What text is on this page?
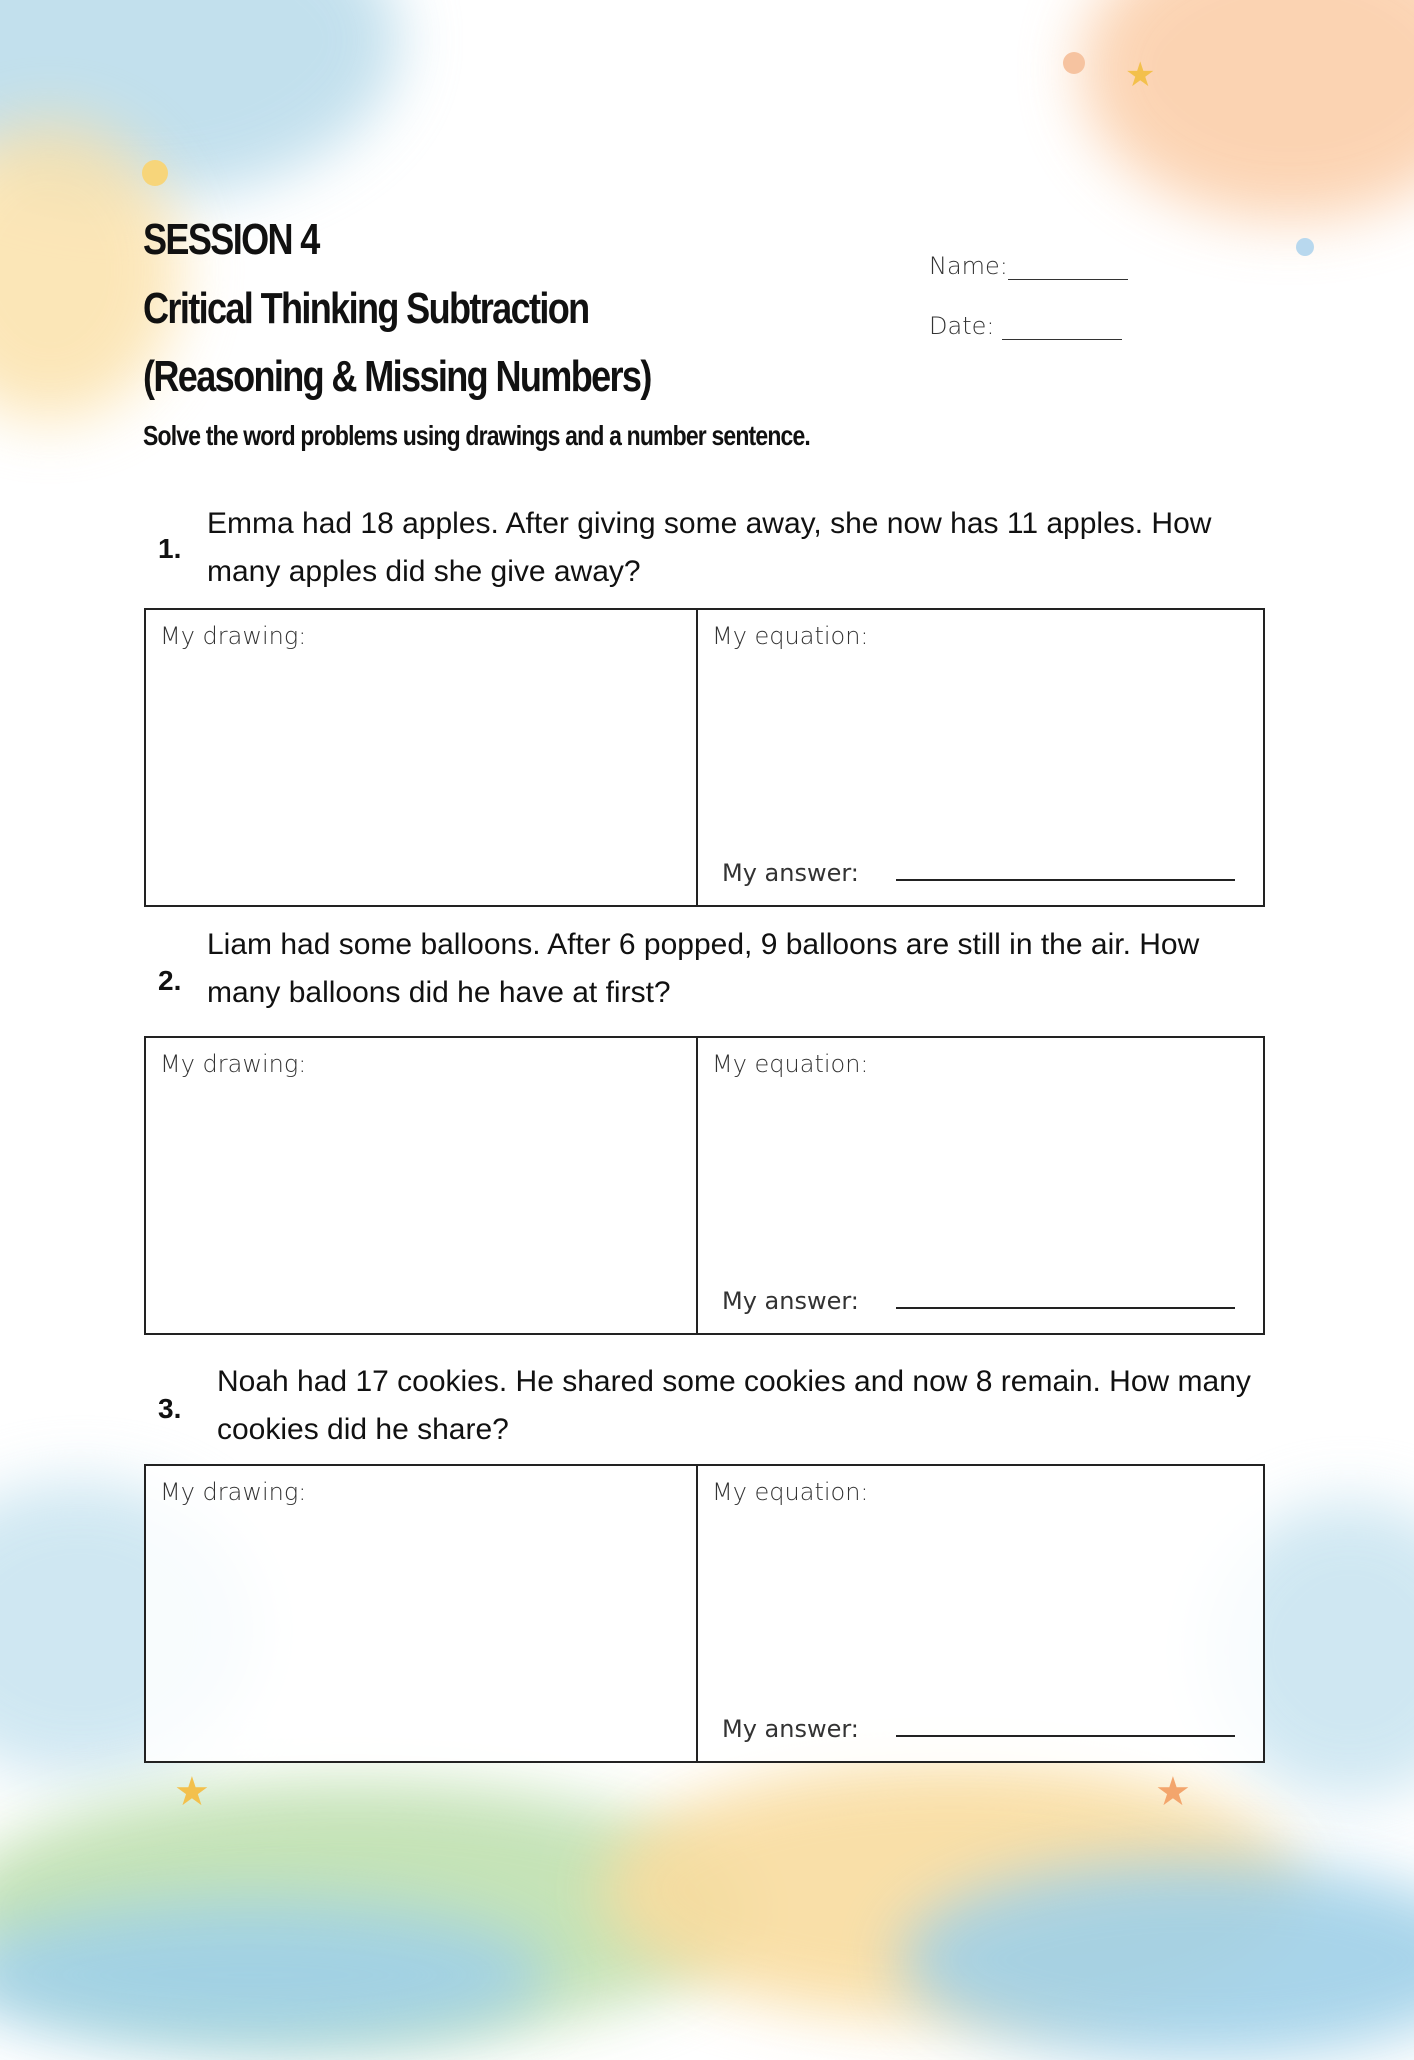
★
★	★
SESSION 4
Critical Thinking Subtraction
(Reasoning & Missing Numbers)
Solve the word problems using drawings and a number sentence.
Name:
Date:
1.
Emma had 18 apples. After giving some away, she now has 11 apples. How
many apples did she give away?
My drawing:	My equation:
My answer:
2.
Liam had some balloons. After 6 popped, 9 balloons are still in the air. How
many balloons did he have at first?
My drawing:	My equation:
My answer:
3.
Noah had 17 cookies. He shared some cookies and now 8 remain. How many
cookies did he share?
My drawing:	My equation:
My answer:
